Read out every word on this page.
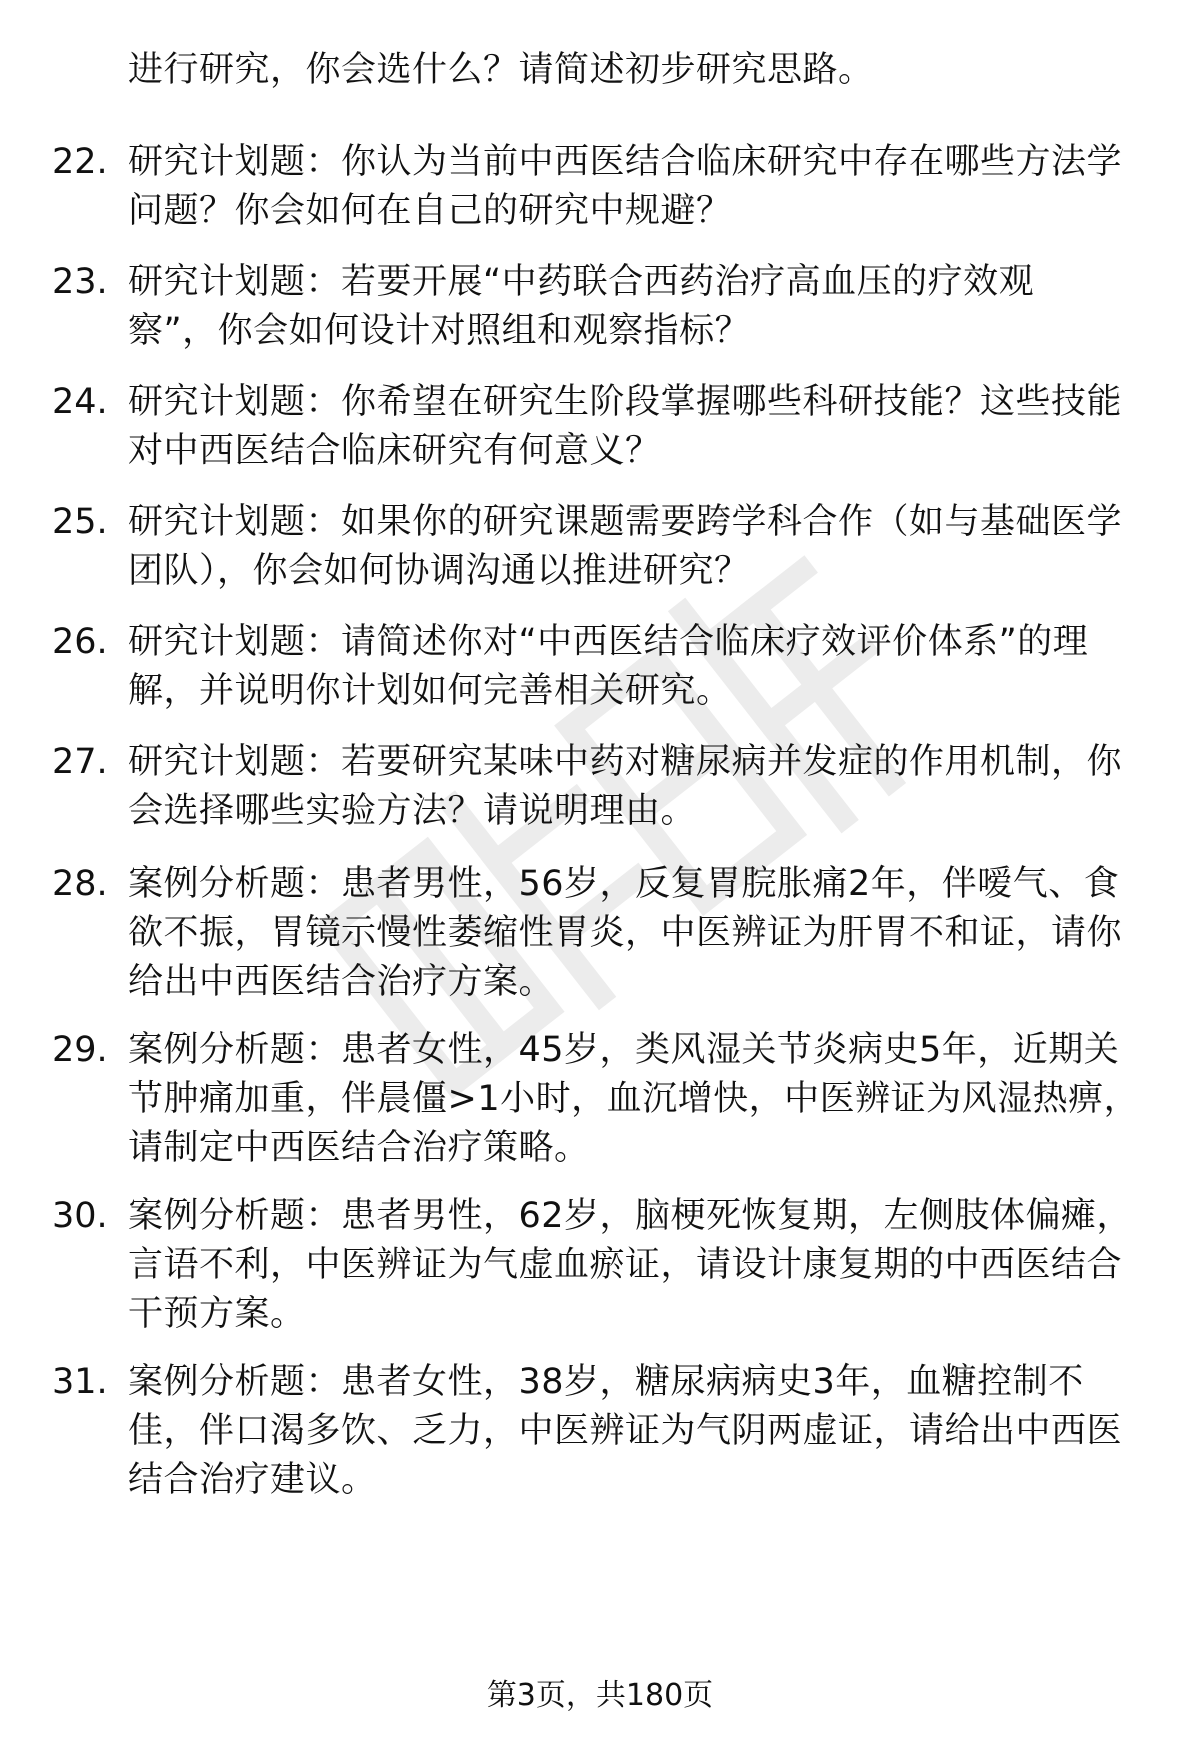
进行研究，你会选什么？请简述初步研究思路。
22. 研究计划题：你认为当前中西医结合临床研究中存在哪些方法学
问题？你会如何在自己的研究中规避？
23. 研究计划题：若要开展“中药联合西药治疗高血压的疗效观
察”，你会如何设计对照组和观察指标？
24. 研究计划题：你希望在研究生阶段掌握哪些科研技能？这些技能
对中西医结合临床研究有何意义？
25. 研究计划题：如果你的研究课题需要跨学科合作（如与基础医学
团队），你会如何协调沟通以推进研究？
26. 研究计划题：请简述你对“中西医结合临床疗效评价体系”的理
解，并说明你计划如何完善相关研究。
27. 研究计划题：若要研究某味中药对糖尿病并发症的作用机制，你
会选择哪些实验方法？请说明理由。
28. 案例分析题：患者男性，56岁，反复胃脘胀痛2年，伴嗳气、食
欲不振，胃镜示慢性萎缩性胃炎，中医辨证为肝胃不和证，请你
给出中西医结合治疗方案。
29. 案例分析题：患者女性，45岁，类风湿关节炎病史5年，近期关
节肿痛加重，伴晨僵>1小时，血沉增快，中医辨证为风湿热痹，
请制定中西医结合治疗策略。
30. 案例分析题：患者男性，62岁，脑梗死恢复期，左侧肢体偏瘫，
言语不利，中医辨证为气虚血瘀证，请设计康复期的中西医结合
干预方案。
31. 案例分析题：患者女性，38岁，糖尿病病史3年，血糖控制不
佳，伴口渴多饮、乏力，中医辨证为气阴两虚证，请给出中西医
结合治疗建议。
第3页，共180页
